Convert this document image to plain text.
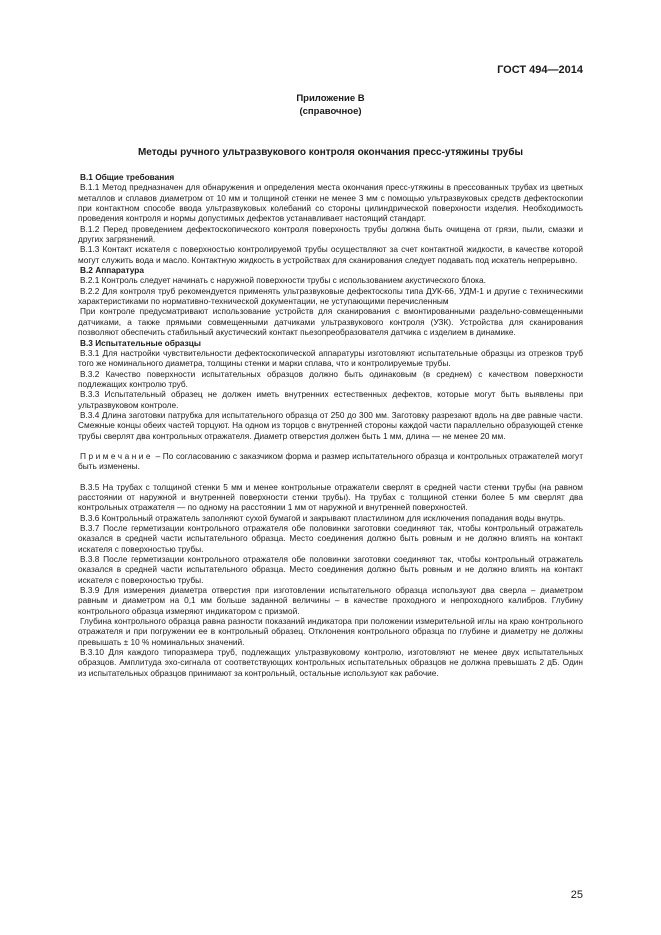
ГОСТ 494—2014
Приложение В
(справочное)
Методы ручного ультразвукового контроля окончания пресс-утяжины трубы

В.1 Общие требования

В.1.1 Метод предназначен для обнаружения и определения места окончания пресс-утяжины в прессованных трубах из цветных металлов и сплавов диаметром от 10 мм и толщиной стенки не менее 3 мм с помощью ультразвуковых средств дефектоскопии при контактном способе ввода ультразвуковых колебаний со стороны цилиндрической поверхности изделия. Необходимость проведения контроля и нормы допустимых дефектов устанавливает настоящий стандарт.

В.1.2 Перед проведением дефектоскопического контроля поверхность трубы должна быть очищена от грязи, пыли, смазки и других загрязнений.

В.1.3 Контакт искателя с поверхностью контролируемой трубы осуществляют за счет контактной жидкости, в качестве которой могут служить вода и масло. Контактную жидкость в устройствах для сканирования следует подавать под искатель непрерывно.

В.2 Аппаратура

В.2.1 Контроль следует начинать с наружной поверхности трубы с использованием акустического блока.

В.2.2 Для контроля труб рекомендуется применять ультразвуковые дефектоскопы типа ДУК-66, УДМ-1 и другие с техническими характеристиками по нормативно-технической документации, не уступающими перечисленным

При контроле предусматривают использование устройств для сканирования с вмонтированными раздельно-совмещенными датчиками, а также прямыми совмещенными датчиками ультразвукового контроля (УЗК). Устройства для сканирования позволяют обеспечить стабильный акустический контакт пьезопреобразователя датчика с изделием в динамике.

В.3 Испытательные образцы

В.3.1 Для настройки чувствительности дефектоскопической аппаратуры изготовляют испытательные образцы из отрезков труб того же номинального диаметра, толщины стенки и марки сплава, что и контролируемые трубы.

В.3.2 Качество поверхности испытательных образцов должно быть одинаковым (в среднем) с качеством поверхности подлежащих контролю труб.

В.3.3 Испытательный образец не должен иметь внутренних естественных дефектов, которые могут быть выявлены при ультразвуковом контроле.

В.3.4 Длина заготовки патрубка для испытательного образца от 250 до 300 мм. Заготовку разрезают вдоль на две равные части. Смежные концы обеих частей торцуют. На одном из торцов с внутренней стороны каждой части параллельно образующей стенке трубы сверлят два контрольных отражателя. Диаметр отверстия должен быть 1 мм, длина — не менее 20 мм.

Примечание – По согласованию с заказчиком форма и размер испытательного образца и контрольных отражателей могут быть изменены.

В.3.5 На трубах с толщиной стенки 5 мм и менее контрольные отражатели сверлят в средней части стенки трубы (на равном расстоянии от наружной и внутренней поверхности стенки трубы). На трубах с толщиной стенки более 5 мм сверлят два контрольных отражателя — по одному на расстоянии 1 мм от наружной и внутренней поверхностей.

В.3.6 Контрольный отражатель заполняют сухой бумагой и закрывают пластилином для исключения попадания воды внутрь.

В.3.7 После герметизации контрольного отражателя обе половинки заготовки соединяют так, чтобы контрольный отражатель оказался в средней части испытательного образца. Место соединения должно быть ровным и не должно влиять на контакт искателя с поверхностью трубы.

В.3.8 После герметизации контрольного отражателя обе половинки заготовки соединяют так, чтобы контрольный отражатель оказался в средней части испытательного образца. Место соединения должно быть ровным и не должно влиять на контакт искателя с поверхностью трубы.

В.3.9 Для измерения диаметра отверстия при изготовлении испытательного образца используют два сверла – диаметром равным и диаметром на 0,1 мм больше заданной величины – в качестве проходного и непроходного калибров. Глубину контрольного образца измеряют индикатором с призмой.

Глубина контрольного образца равна разности показаний индикатора при положении измерительной иглы на краю контрольного отражателя и при погружении ее в контрольный образец. Отклонения контрольного образца по глубине и диаметру не должны превышать ± 10 % номинальных значений.

В.3.10 Для каждого типоразмера труб, подлежащих ультразвуковому контролю, изготовляют не менее двух испытательных образцов. Амплитуда эхо-сигнала от соответствующих контрольных испытательных образцов не должна превышать 2 дБ. Один из испытательных образцов принимают за контрольный, остальные используют как рабочие.

25
